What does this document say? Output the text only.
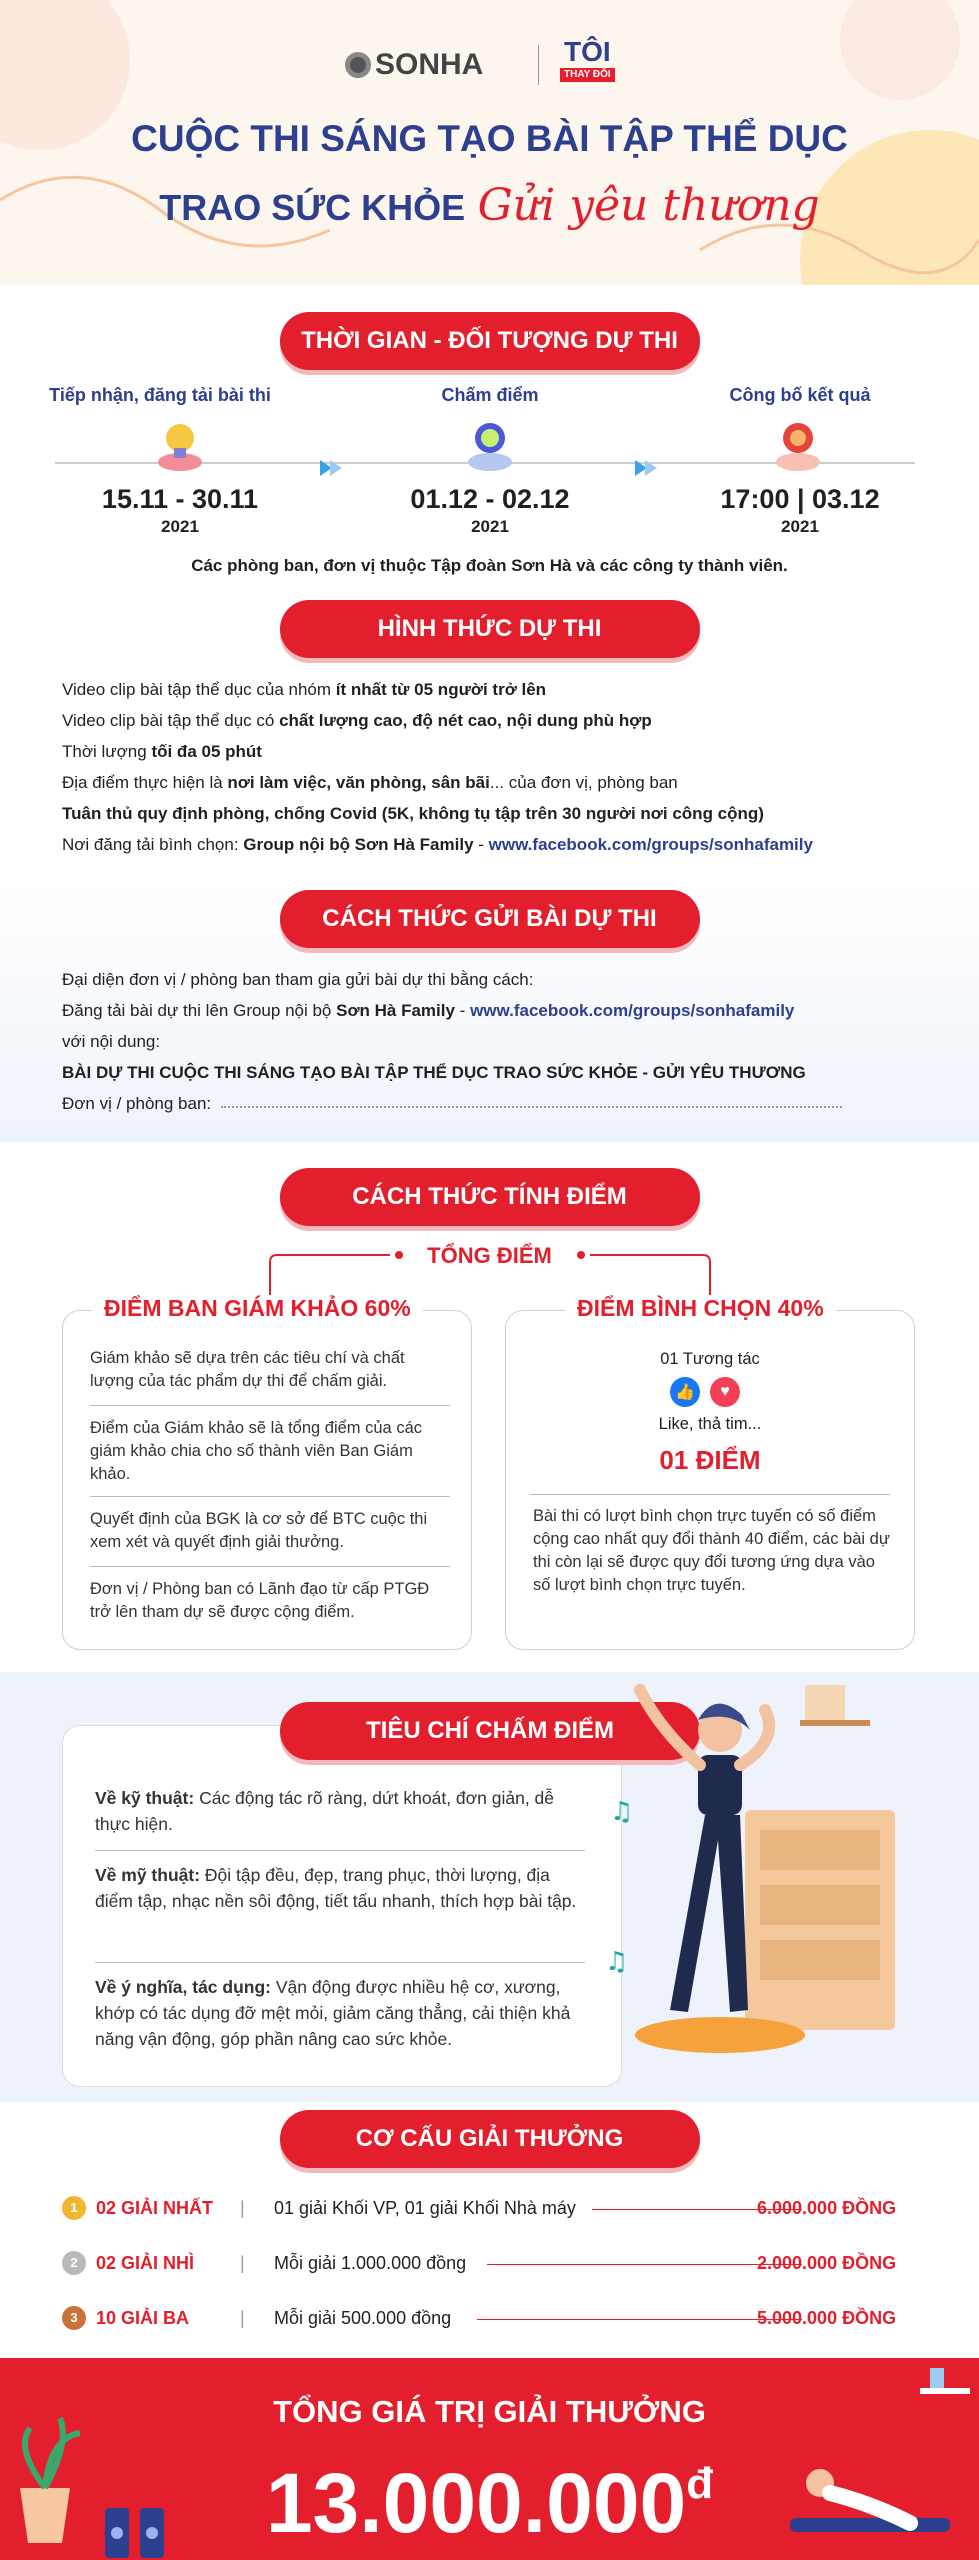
SONHA	TÔI
THAY ĐỔI
CUỘC THI SÁNG TẠO BÀI TẬP THỂ DỤC
TRAO SỨC KHỎE Gửi yêu thương
THỜI GIAN - ĐỐI TƯỢNG DỰ THI
Tiếp nhận, đăng tải bài thi	Chấm điểm	Công bố kết quả
15.11 - 30.11	01.12 - 02.12	17:00 | 03.12
2021	2021	2021
Các phòng ban, đơn vị thuộc Tập đoàn Sơn Hà và các công ty thành viên.
HÌNH THỨC DỰ THI
Video clip bài tập thể dục của nhóm ít nhất từ 05 người trở lên
Video clip bài tập thể dục có chất lượng cao, độ nét cao, nội dung phù hợp
Thời lượng tối đa 05 phút
Địa điểm thực hiện là nơi làm việc, văn phòng, sân bãi... của đơn vị, phòng ban
Tuân thủ quy định phòng, chống Covid (5K, không tụ tập trên 30 người nơi công cộng)
Nơi đăng tải bình chọn: Group nội bộ Sơn Hà Family - www.facebook.com/groups/sonhafamily
CÁCH THỨC GỬI BÀI DỰ THI
Đại diện đơn vị / phòng ban tham gia gửi bài dự thi bằng cách:
Đăng tải bài dự thi lên Group nội bộ Sơn Hà Family - www.facebook.com/groups/sonhafamily
với nội dung:
BÀI DỰ THI CUỘC THI SÁNG TẠO BÀI TẬP THỂ DỤC TRAO SỨC KHỎE - GỬI YÊU THƯƠNG
Đơn vị / phòng ban:
CÁCH THỨC TÍNH ĐIỂM
TỔNG ĐIỂM
ĐIỂM BAN GIÁM KHẢO 60%
Giám khảo sẽ dựa trên các tiêu chí và chất lượng của tác phẩm dự thi để chấm giải.
Điểm của Giám khảo sẽ là tổng điểm của các giám khảo chia cho số thành viên Ban Giám khảo.
Quyết định của BGK là cơ sở để BTC cuộc thi xem xét và quyết định giải thưởng.
Đơn vị / Phòng ban có Lãnh đạo từ cấp PTGĐ trở lên tham dự sẽ được cộng điểm.
ĐIỂM BÌNH CHỌN 40%
01 Tương tác
👍	♥
Like, thả tim...
01 ĐIỂM
Bài thi có lượt bình chọn trực tuyến có số điểm cộng cao nhất quy đổi thành 40 điểm, các bài dự thi còn lại sẽ được quy đổi tương ứng dựa vào số lượt bình chọn trực tuyến.
TIÊU CHÍ CHẤM ĐIỂM
Về kỹ thuật: Các động tác rõ ràng, dứt khoát, đơn giản, dễ thực hiện.
Về mỹ thuật: Đội tập đều, đẹp, trang phục, thời lượng, địa điểm tập, nhạc nền sôi động, tiết tấu nhanh, thích hợp bài tập.
Về ý nghĩa, tác dụng: Vận động được nhiều hệ cơ, xương, khớp có tác dụng đỡ mệt mỏi, giảm căng thẳng, cải thiện khả năng vận động, góp phần nâng cao sức khỏe.
♫
♫
CƠ CẤU GIẢI THƯỞNG
1	02 GIẢI NHẤT | 01 giải Khối VP, 01 giải Khối Nhà máy	6.000.000 ĐỒNG
2	02 GIẢI NHÌ	| Mỗi giải 1.000.000 đồng	2.000.000 ĐỒNG
3	10 GIẢI BA	| Mỗi giải 500.000 đồng	5.000.000 ĐỒNG
TỔNG GIÁ TRỊ GIẢI THƯỞNG
$13.000.000^đ$
